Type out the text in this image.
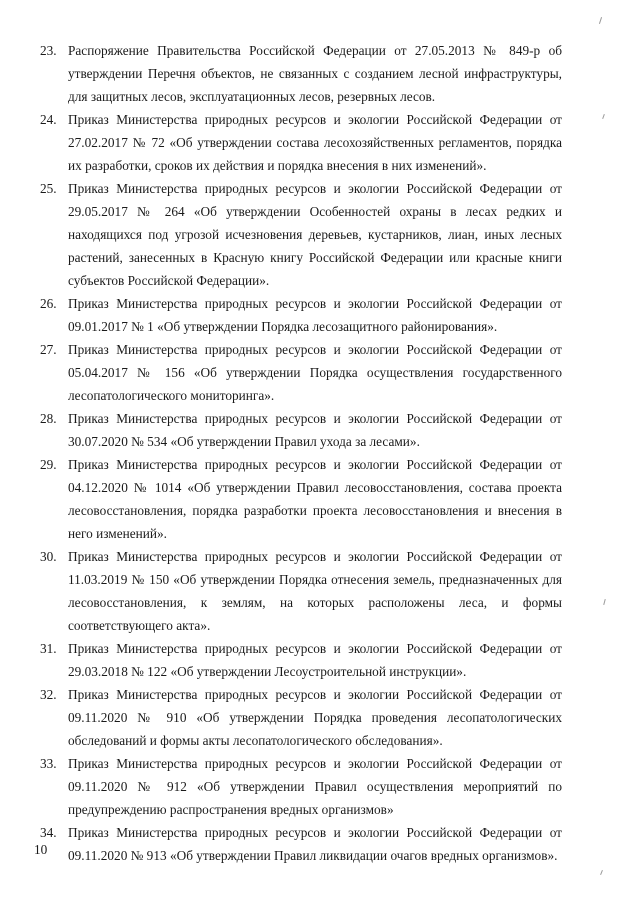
23. Распоряжение Правительства Российской Федерации от 27.05.2013 № 849-р об утверждении Перечня объектов, не связанных с созданием лесной инфраструктуры, для защитных лесов, эксплуатационных лесов, резервных лесов.
24. Приказ Министерства природных ресурсов и экологии Российской Федерации от 27.02.2017 № 72 «Об утверждении состава лесохозяйственных регламентов, порядка их разработки, сроков их действия и порядка внесения в них изменений».
25. Приказ Министерства природных ресурсов и экологии Российской Федерации от 29.05.2017 № 264 «Об утверждении Особенностей охраны в лесах редких и находящихся под угрозой исчезновения деревьев, кустарников, лиан, иных лесных растений, занесенных в Красную книгу Российской Федерации или красные книги субъектов Российской Федерации».
26. Приказ Министерства природных ресурсов и экологии Российской Федерации от 09.01.2017 № 1 «Об утверждении Порядка лесозащитного районирования».
27. Приказ Министерства природных ресурсов и экологии Российской Федерации от 05.04.2017 № 156 «Об утверждении Порядка осуществления государственного лесопатологического мониторинга».
28. Приказ Министерства природных ресурсов и экологии Российской Федерации от 30.07.2020 № 534 «Об утверждении Правил ухода за лесами».
29. Приказ Министерства природных ресурсов и экологии Российской Федерации от 04.12.2020 № 1014 «Об утверждении Правил лесовосстановления, состава проекта лесовосстановления, порядка разработки проекта лесовосстановления и внесения в него изменений».
30. Приказ Министерства природных ресурсов и экологии Российской Федерации от 11.03.2019 № 150 «Об утверждении Порядка отнесения земель, предназначенных для лесовосстановления, к землям, на которых расположены леса, и формы соответствующего акта».
31. Приказ Министерства природных ресурсов и экологии Российской Федерации от 29.03.2018 № 122 «Об утверждении Лесоустроительной инструкции».
32. Приказ Министерства природных ресурсов и экологии Российской Федерации от 09.11.2020 № 910 «Об утверждении Порядка проведения лесопатологических обследований и формы акты лесопатологического обследования».
33. Приказ Министерства природных ресурсов и экологии Российской Федерации от 09.11.2020 № 912 «Об утверждении Правил осуществления мероприятий по предупреждению распространения вредных организмов»
34. Приказ Министерства природных ресурсов и экологии Российской Федерации от 09.11.2020 № 913 «Об утверждении Правил ликвидации очагов вредных организмов».
10
